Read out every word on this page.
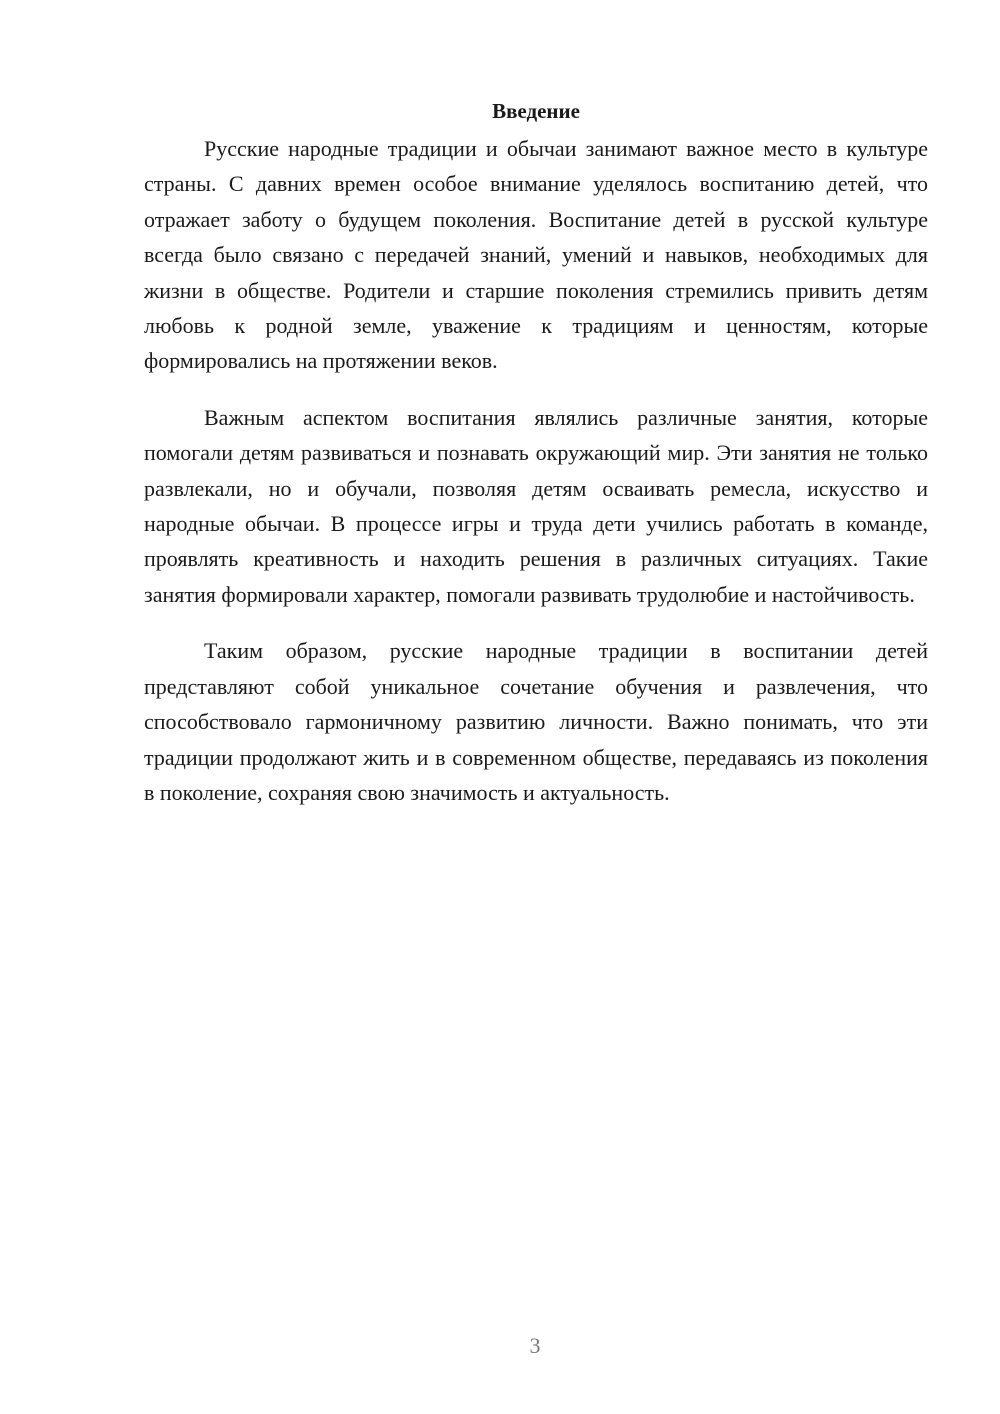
Введение

Русские народные традиции и обычаи занимают важное место в культуре страны. С давних времен особое внимание уделялось воспитанию детей, что отражает заботу о будущем поколения. Воспитание детей в русской культуре всегда было связано с передачей знаний, умений и навыков, необходимых для жизни в обществе. Родители и старшие поколения стремились привить детям любовь к родной земле, уважение к традициям и ценностям, которые формировались на протяжении веков.

Важным аспектом воспитания являлись различные занятия, которые помогали детям развиваться и познавать окружающий мир. Эти занятия не только развлекали, но и обучали, позволяя детям осваивать ремесла, искусство и народные обычаи. В процессе игры и труда дети учились работать в команде, проявлять креативность и находить решения в различных ситуациях. Такие занятия формировали характер, помогали развивать трудолюбие и настойчивость.

Таким образом, русские народные традиции в воспитании детей представляют собой уникальное сочетание обучения и развлечения, что способствовало гармоничному развитию личности. Важно понимать, что эти традиции продолжают жить и в современном обществе, передаваясь из поколения в поколение, сохраняя свою значимость и актуальность.

3
